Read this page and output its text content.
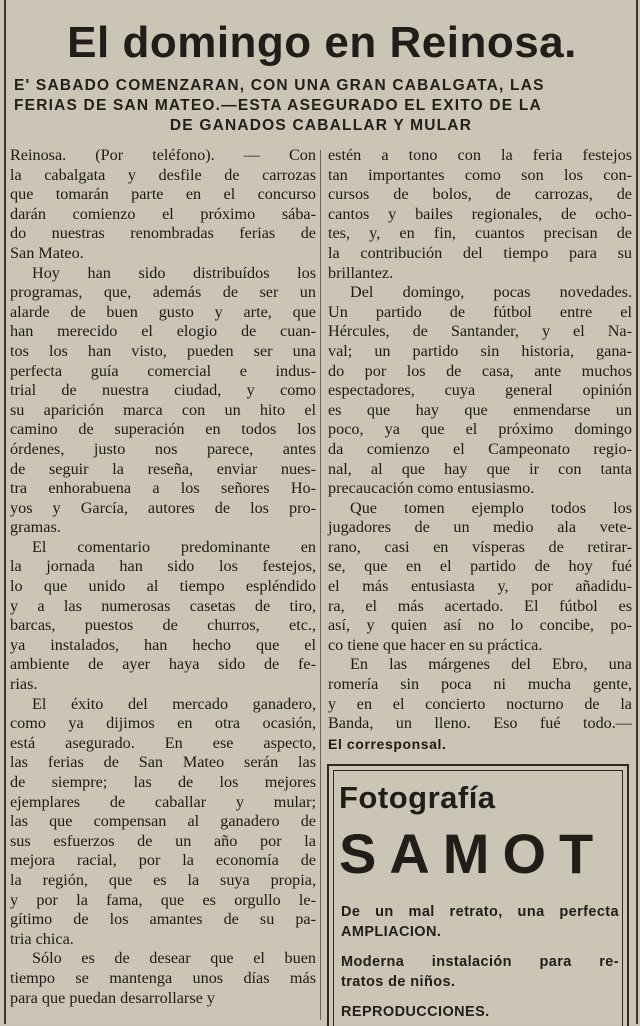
El domingo en Reinosa.
E' SABADO COMENZARAN, CON UNA GRAN CABALGATA, LAS
FERIAS DE SAN MATEO.—ESTA ASEGURADO EL EXITO DE LA
DE GANADOS CABALLAR Y MULAR

Reinosa. (Por teléfono). — Con
la cabalgata y desfile de carrozas
que tomarán parte en el concurso
darán comienzo el próximo sába-
do nuestras renombradas ferias de
San Mateo.

Hoy han sido distribuídos los
programas, que, además de ser un
alarde de buen gusto y arte, que
han merecido el elogio de cuan-
tos los han visto, pueden ser una
perfecta guía comercial e indus-
trial de nuestra ciudad, y como
su aparición marca con un hito el
camino de superación en todos los
órdenes, justo nos parece, antes
de seguir la reseña, enviar nues-
tra enhorabuena a los señores Ho-
yos y García, autores de los pro-
gramas.

El comentario predominante en
la jornada han sido los festejos,
lo que unido al tiempo espléndido
y a las numerosas casetas de tiro,
barcas, puestos de churros, etc.,
ya instalados, han hecho que el
ambiente de ayer haya sido de fe-
rias.

El éxito del mercado ganadero,
como ya dijimos en otra ocasión,
está asegurado. En ese aspecto,
las ferias de San Mateo serán las
de siempre; las de los mejores
ejemplares de caballar y mular;
las que compensan al ganadero de
sus esfuerzos de un año por la
mejora racial, por la economía de
la región, que es la suya propia,
y por la fama, que es orgullo le-
gítimo de los amantes de su pa-
tria chica.

Sólo es de desear que el buen
tiempo se mantenga unos días más
para que puedan desarrollarse y

estén a tono con la feria festejos
tan importantes como son los con-
cursos de bolos, de carrozas, de
cantos y bailes regionales, de ocho-
tes, y, en fin, cuantos precisan de
la contribución del tiempo para su
brillantez.

Del domingo, pocas novedades.
Un partido de fútbol entre el
Hércules, de Santander, y el Na-
val; un partido sin historia, gana-
do por los de casa, ante muchos
espectadores, cuya general opinión
es que hay que enmendarse un
poco, ya que el próximo domingo
da comienzo el Campeonato regio-
nal, al que hay que ir con tanta
precaucación como entusiasmo.

Que tomen ejemplo todos los
jugadores de un medio ala vete-
rano, casi en vísperas de retirar-
se, que en el partido de hoy fué
el más entusiasta y, por añadidu-
ra, el más acertado. El fútbol es
así, y quien así no lo concibe, po-
co tiene que hacer en su práctica.

En las márgenes del Ebro, una
romería sin poca ni mucha gente,
y en el concierto nocturno de la
Banda, un lleno. Eso fué todo.—

El corresponsal.
Fotografía
SAMOT
De un mal retrato, una perfecta
AMPLIACION.
Moderna instalación para re-
tratos de niños.
REPRODUCCIONES.
